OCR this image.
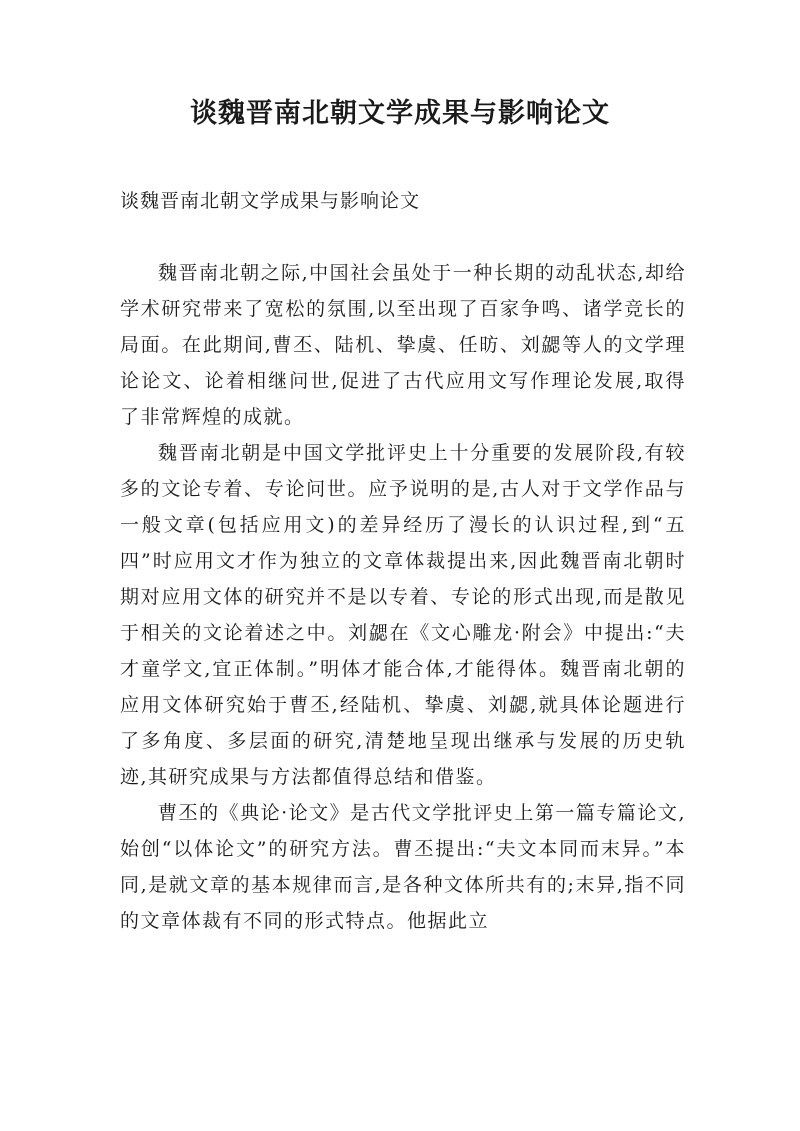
谈魏晋南北朝文学成果与影响论文
谈魏晋南北朝文学成果与影响论文

魏晋南北朝之际,中国社会虽处于一种长期的动乱状态,却给学术研究带来了宽松的氛围,以至出现了百家争鸣、诸学竞长的局面。在此期间,曹丕、陆机、挚虞、任昉、刘勰等人的文学理论论文、论着相继问世,促进了古代应用文写作理论发展,取得了非常辉煌的成就。

魏晋南北朝是中国文学批评史上十分重要的发展阶段,有较多的文论专着、专论问世。应予说明的是,古人对于文学作品与一般文章(包括应用文)的差异经历了漫长的认识过程,到“五四”时应用文才作为独立的文章体裁提出来,因此魏晋南北朝时期对应用文体的研究并不是以专着、专论的形式出现,而是散见于相关的文论着述之中。刘勰在《文心雕龙·附会》中提出:“夫才童学文,宜正体制。”明体才能合体,才能得体。魏晋南北朝的应用文体研究始于曹丕,经陆机、挚虞、刘勰,就具体论题进行了多角度、多层面的研究,清楚地呈现出继承与发展的历史轨迹,其研究成果与方法都值得总结和借鉴。

曹丕的《典论·论文》是古代文学批评史上第一篇专篇论文,始创“以体论文”的研究方法。曹丕提出:“夫文本同而末异。”本同,是就文章的基本规律而言,是各种文体所共有的;末异,指不同的文章体裁有不同的形式特点。他据此立
